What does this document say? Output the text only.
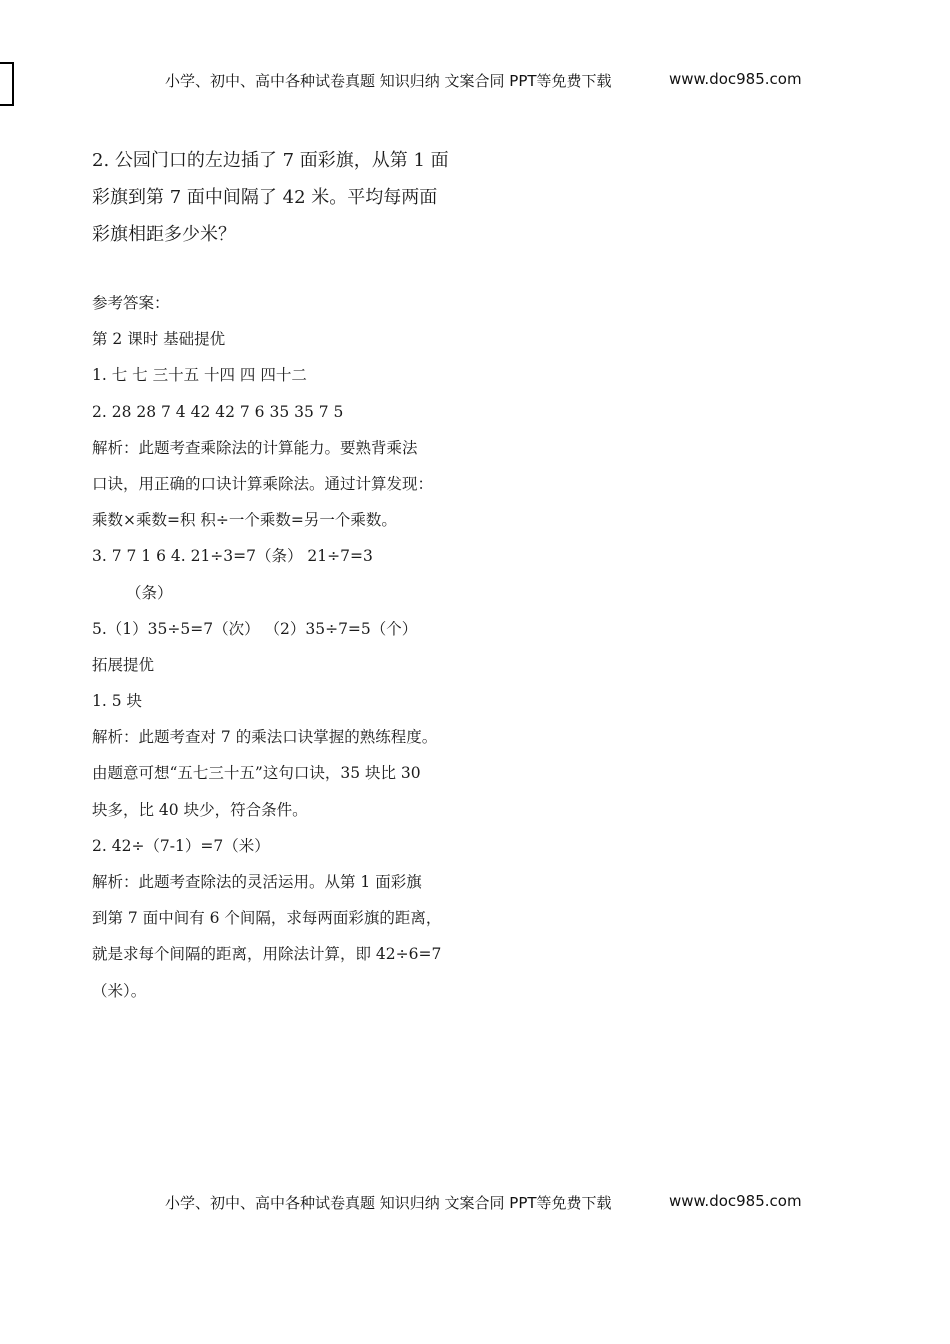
小学、初中、高中各种试卷真题 知识归纳 文案合同 PPT等免费下载	www.doc985.com
2. 公园门口的左边插了 7 面彩旗，从第 1 面
彩旗到第 7 面中间隔了 42 米。平均每两面
彩旗相距多少米？
参考答案：
第 2 课时 基础提优
1. 七 七 三十五 十四 四 四十二
2. 28 28 7 4 42 42 7 6 35 35 7 5
解析：此题考查乘除法的计算能力。要熟背乘法
口诀，用正确的口诀计算乘除法。通过计算发现：
乘数×乘数=积 积÷一个乘数=另一个乘数。
3. 7 7 1 6 4. 21÷3=7（条） 21÷7=3
（条）
5.（1）35÷5=7（次） （2）35÷7=5（个）
拓展提优
1. 5 块
解析：此题考查对 7 的乘法口诀掌握的熟练程度。
由题意可想“五七三十五”这句口诀，35 块比 30
块多，比 40 块少，符合条件。
2. 42÷（7-1）=7（米）
解析：此题考查除法的灵活运用。从第 1 面彩旗
到第 7 面中间有 6 个间隔，求每两面彩旗的距离，
就是求每个间隔的距离，用除法计算，即 42÷6=7
（米）。
小学、初中、高中各种试卷真题 知识归纳 文案合同 PPT等免费下载	www.doc985.com
